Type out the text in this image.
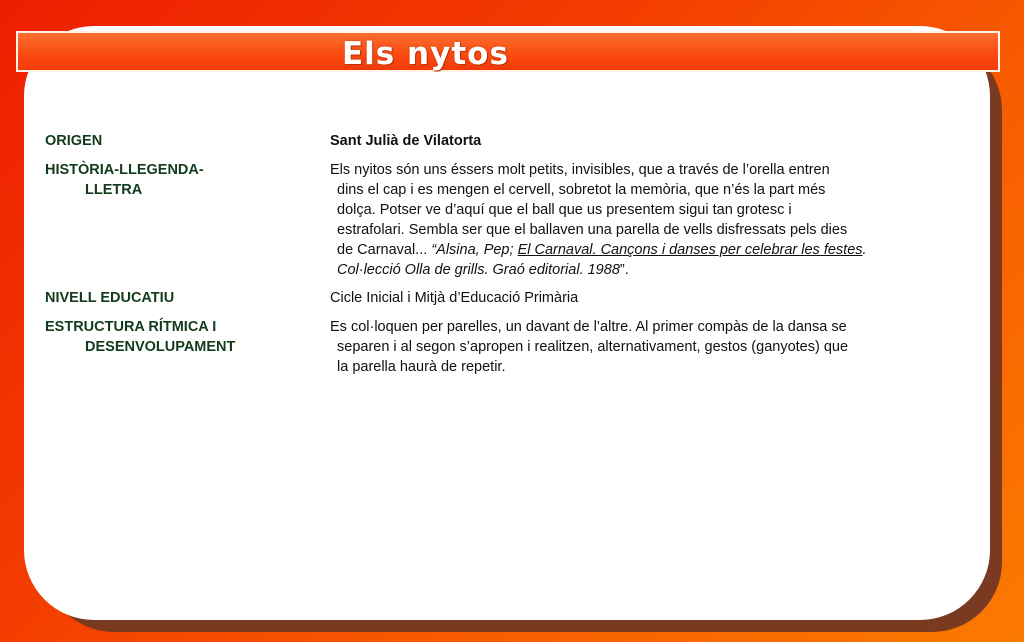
Els nytos
ORIGEN	Sant Julià de Vilatorta
HISTÒRIA-LLEGENDA-
LLETRA
Els nyitos són uns éssers molt petits, invisibles, que a través de l’orella entren
dins el cap i es mengen el cervell, sobretot la memòria, que n’és la part més
dolça. Potser ve d’aquí que el ball que us presentem sigui tan grotesc i
estrafolari. Sembla ser que el ballaven una parella de vells disfressats pels dies
de Carnaval... “Alsina, Pep; El Carnaval. Cançons i danses per celebrar les festes.
Col·lecció Olla de grills. Graó editorial. 1988”.
NIVELL EDUCATIU	Cicle Inicial i Mitjà d’Educació Primària
ESTRUCTURA RÍTMICA I
DESENVOLUPAMENT
Es col·loquen per parelles, un davant de l’altre. Al primer compàs de la dansa se
separen i al segon s’apropen i realitzen, alternativament, gestos (ganyotes) que
la parella haurà de repetir.
